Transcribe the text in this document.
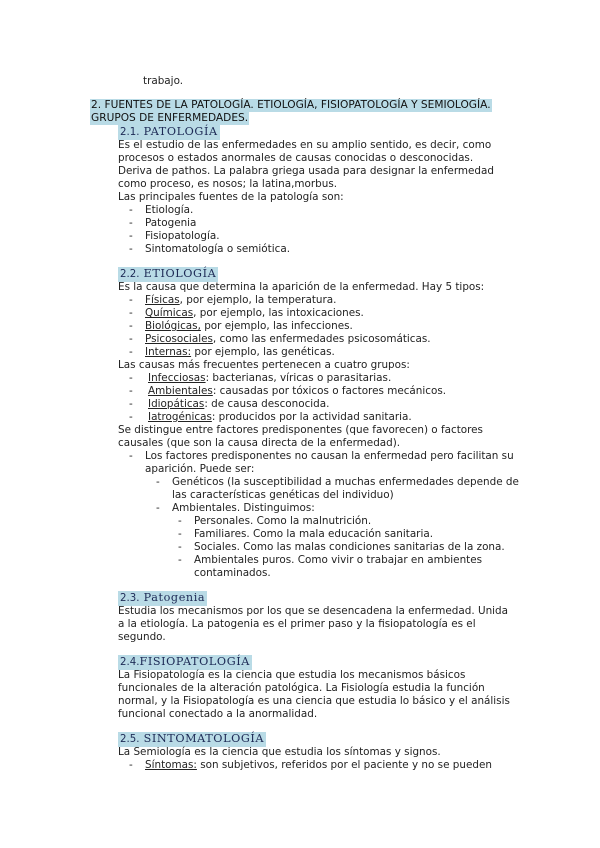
trabajo.
2. FUENTES DE LA PATOLOGÍA. ETIOLOGÍA, FISIOPATOLOGÍA Y SEMIOLOGÍA.
GRUPOS DE ENFERMEDADES.
2.1. PATOLOGÍA
Es el estudio de las enfermedades en su amplio sentido, es decir, como
procesos o estados anormales de causas conocidas o desconocidas.
Deriva de pathos. La palabra griega usada para designar la enfermedad
como proceso, es nosos; la latina,morbus.
Las principales fuentes de la patología son:
- Etiología.
- Patogenia
- Fisiopatología.
- Sintomatología o semiótica.
2.2. ETIOLOGÍA
Es la causa que determina la aparición de la enfermedad. Hay 5 tipos:
- Físicas, por ejemplo, la temperatura.
- Químicas, por ejemplo, las intoxicaciones.
- Biológicas, por ejemplo, las infecciones.
- Psicosociales, como las enfermedades psicosomáticas.
- Internas: por ejemplo, las genéticas.
Las causas más frecuentes pertenecen a cuatro grupos:
- Infecciosas: bacterianas, víricas o parasitarias.
- Ambientales: causadas por tóxicos o factores mecánicos.
- Idiopáticas: de causa desconocida.
- Iatrogénicas: producidos por la actividad sanitaria.
Se distingue entre factores predisponentes (que favorecen) o factores
causales (que son la causa directa de la enfermedad).
- Los factores predisponentes no causan la enfermedad pero facilitan su
aparición. Puede ser:
- Genéticos (la susceptibilidad a muchas enfermedades depende de
las características genéticas del individuo)
- Ambientales. Distinguimos:
- Personales. Como la malnutrición.
- Familiares. Como la mala educación sanitaria.
- Sociales. Como las malas condiciones sanitarias de la zona.
- Ambientales puros. Como vivir o trabajar en ambientes
contaminados.
2.3. Patogenia
Estudia los mecanismos por los que se desencadena la enfermedad. Unida
a la etiología. La patogenia es el primer paso y la fisiopatología es el
segundo.
2.4.FISIOPATOLOGÍA
La Fisiopatología es la ciencia que estudia los mecanismos básicos
funcionales de la alteración patológica. La Fisiología estudia la función
normal, y la Fisiopatología es una ciencia que estudia lo básico y el análisis
funcional conectado a la anormalidad.
2.5. SINTOMATOLOGÍA
La Semiología es la ciencia que estudia los síntomas y signos.
- Síntomas: son subjetivos, referidos por el paciente y no se pueden
